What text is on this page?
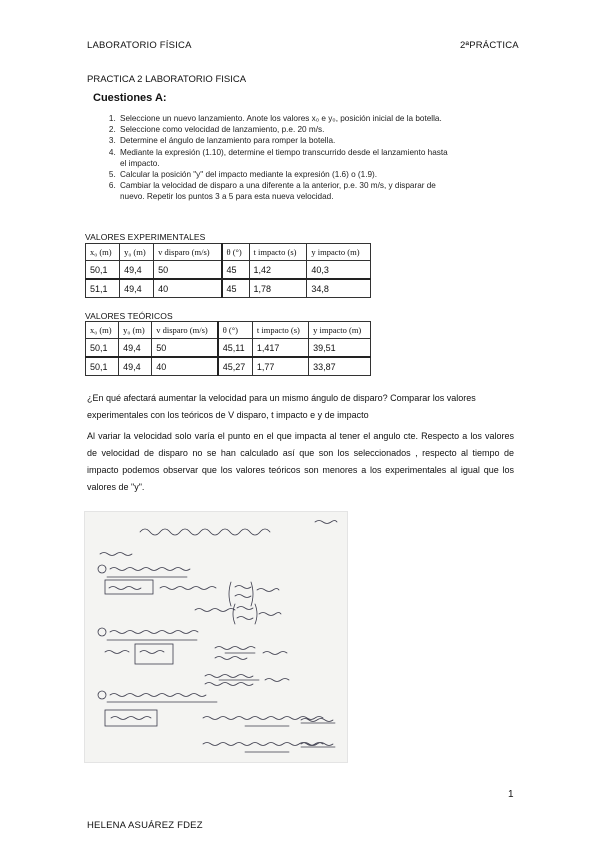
LABORATORIO FÍSICA	2ªPRÁCTICA
PRACTICA 2 LABORATORIO FISICA
Cuestiones A:
1. Seleccione un nuevo lanzamiento. Anote los valores x₀ e y₀, posición inicial de la botella.
2. Seleccione como velocidad de lanzamiento, p.e. 20 m/s.
3. Determine el ángulo de lanzamiento para romper la botella.
4. Mediante la expresión (1.10), determine el tiempo transcurrido desde el lanzamiento hasta el impacto.
5. Calcular la posición "y" del impacto mediante la expresión (1.6) o (1.9).
6. Cambiar la velocidad de disparo a una diferente a la anterior, p.e. 30 m/s, y disparar de nuevo. Repetir los puntos 3 a 5 para esta nueva velocidad.
VALORES EXPERIMENTALES
x₀ (m)	y₀ (m)	v disparo (m/s)	θ (°)	t impacto (s)	y impacto (m)
50,1	49,4	50	45	1,42	40,3
51,1	49,4	40	45	1,78	34,8
VALORES TEÓRICOS
x₀ (m)	y₀ (m)	v disparo (m/s)	θ (°)	t impacto (s)	y impacto (m)
50,1	49,4	50	45,11	1,417	39,51
50,1	49,4	40	45,27	1,77	33,87
¿En qué afectará aumentar la velocidad para un mismo ángulo de disparo? Comparar los valores experimentales con los teóricos de V disparo, t impacto e y de impacto
Al variar la velocidad solo varía el punto en el que impacta al tener el angulo cte. Respecto a los valores de velocidad de disparo no se han calculado así que son los seleccionados , respecto al tiempo de impacto podemos observar que los valores teóricos son menores a los experimentales al igual que los valores de "y".
1
HELENA ASUÁREZ FDEZ
